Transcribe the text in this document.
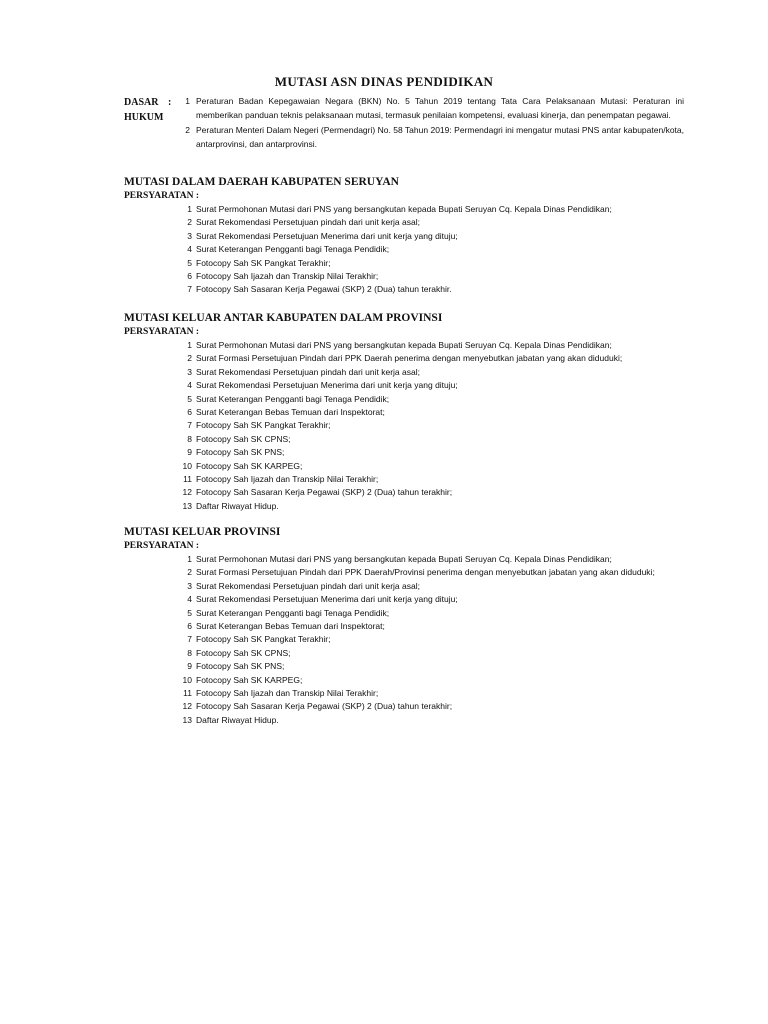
MUTASI ASN DINAS PENDIDIKAN
DASAR
HUKUM
:	1 Peraturan Badan Kepegawaian Negara (BKN) No. 5 Tahun 2019 tentang Tata Cara Pelaksanaan Mutasi: Peraturan ini memberikan panduan teknis pelaksanaan mutasi, termasuk penilaian kompetensi, evaluasi kinerja, dan penempatan pegawai.
2 Peraturan Menteri Dalam Negeri (Permendagri) No. 58 Tahun 2019: Permendagri ini mengatur mutasi PNS antar kabupaten/kota, antarprovinsi, dan antarprovinsi.
MUTASI DALAM DAERAH KABUPATEN SERUYAN
PERSYARATAN :
1 Surat Permohonan Mutasi dari PNS yang bersangkutan kepada Bupati Seruyan Cq. Kepala Dinas Pendidikan;
2 Surat Rekomendasi Persetujuan pindah dari unit kerja asal;
3 Surat Rekomendasi Persetujuan Menerima dari unit kerja yang dituju;
4 Surat Keterangan Pengganti bagi Tenaga Pendidik;
5 Fotocopy Sah SK Pangkat Terakhir;
6 Fotocopy Sah Ijazah dan Transkip Nilai Terakhir;
7 Fotocopy Sah Sasaran Kerja Pegawai (SKP) 2 (Dua) tahun terakhir.
MUTASI KELUAR ANTAR KABUPATEN DALAM PROVINSI
PERSYARATAN :
1 Surat Permohonan Mutasi dari PNS yang bersangkutan kepada Bupati Seruyan Cq. Kepala Dinas Pendidikan;
2 Surat Formasi Persetujuan Pindah dari PPK Daerah penerima dengan menyebutkan jabatan yang akan diduduki;
3 Surat Rekomendasi Persetujuan pindah dari unit kerja asal;
4 Surat Rekomendasi Persetujuan Menerima dari unit kerja yang dituju;
5 Surat Keterangan Pengganti bagi Tenaga Pendidik;
6 Surat Keterangan Bebas Temuan dari Inspektorat;
7 Fotocopy Sah SK Pangkat Terakhir;
8 Fotocopy Sah SK CPNS;
9 Fotocopy Sah SK PNS;
10 Fotocopy Sah SK KARPEG;
11 Fotocopy Sah Ijazah dan Transkip Nilai Terakhir;
12 Fotocopy Sah Sasaran Kerja Pegawai (SKP) 2 (Dua) tahun terakhir;
13 Daftar Riwayat Hidup.
MUTASI KELUAR PROVINSI
PERSYARATAN :
1 Surat Permohonan Mutasi dari PNS yang bersangkutan kepada Bupati Seruyan Cq. Kepala Dinas Pendidikan;
2 Surat Formasi Persetujuan Pindah dari PPK Daerah/Provinsi penerima dengan menyebutkan jabatan yang akan diduduki;
3 Surat Rekomendasi Persetujuan pindah dari unit kerja asal;
4 Surat Rekomendasi Persetujuan Menerima dari unit kerja yang dituju;
5 Surat Keterangan Pengganti bagi Tenaga Pendidik;
6 Surat Keterangan Bebas Temuan dari Inspektorat;
7 Fotocopy Sah SK Pangkat Terakhir;
8 Fotocopy Sah SK CPNS;
9 Fotocopy Sah SK PNS;
10 Fotocopy Sah SK KARPEG;
11 Fotocopy Sah Ijazah dan Transkip Nilai Terakhir;
12 Fotocopy Sah Sasaran Kerja Pegawai (SKP) 2 (Dua) tahun terakhir;
13 Daftar Riwayat Hidup.
